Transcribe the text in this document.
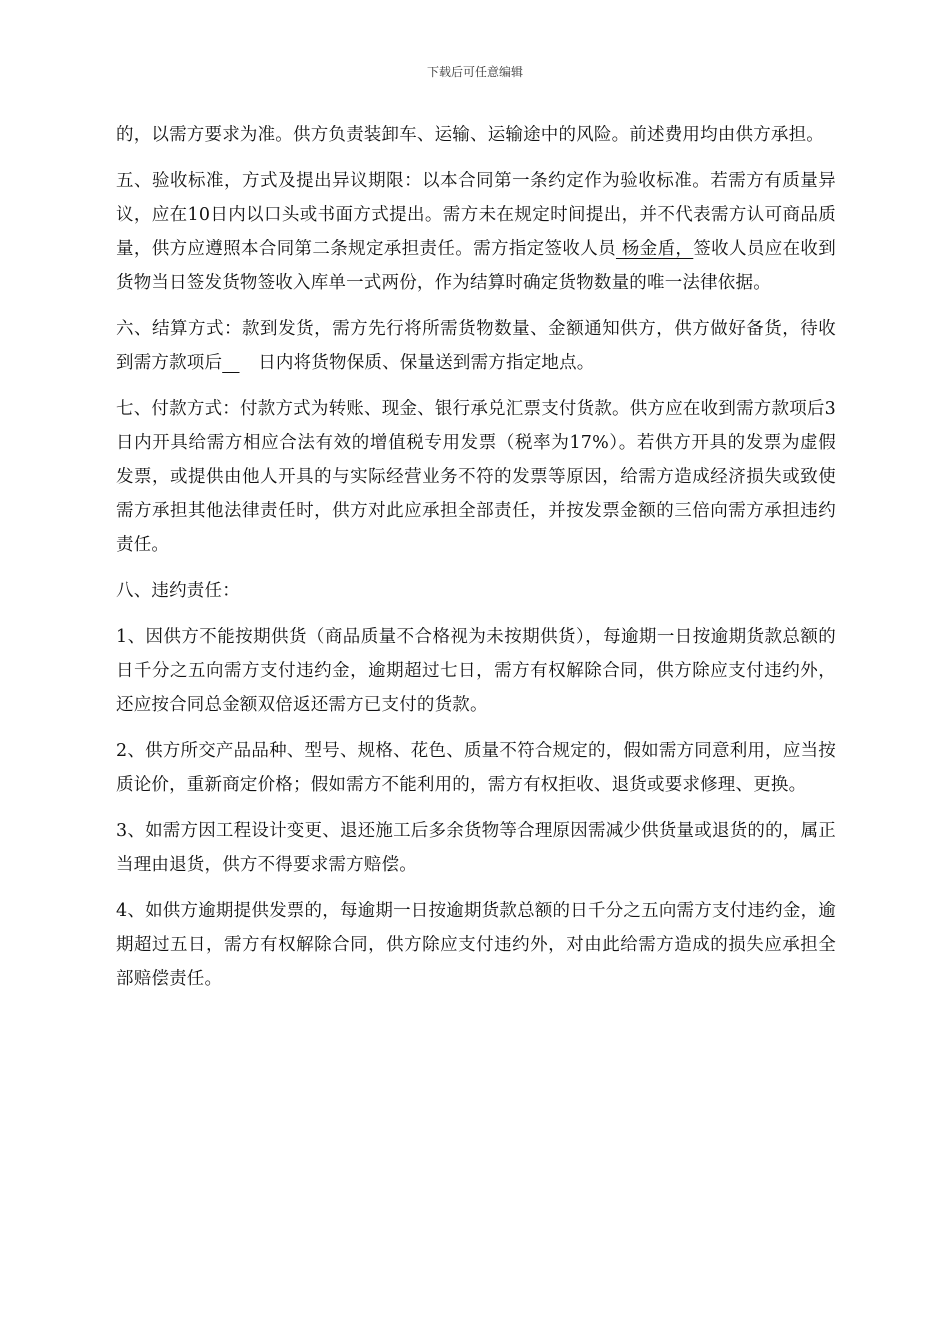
下载后可任意编辑

的，以需方要求为准。供方负责装卸车、运输、运输途中的风险。前述费用均由供方承担。

五、验收标准，方式及提出异议期限：以本合同第一条约定作为验收标准。若需方有质量异议，应在10日内以口头或书面方式提出。需方未在规定时间提出，并不代表需方认可商品质量，供方应遵照本合同第二条规定承担责任。需方指定签收人员 杨金盾，签收人员应在收到货物当日签发货物签收入库单一式两份，作为结算时确定货物数量的唯一法律依据。

六、结算方式：款到发货，需方先行将所需货物数量、金额通知供方，供方做好备货，待收到需方款项后 日内将货物保质、保量送到需方指定地点。

七、付款方式：付款方式为转账、现金、银行承兑汇票支付货款。供方应在收到需方款项后3日内开具给需方相应合法有效的增值税专用发票（税率为17%）。若供方开具的发票为虚假发票，或提供由他人开具的与实际经营业务不符的发票等原因，给需方造成经济损失或致使需方承担其他法律责任时，供方对此应承担全部责任，并按发票金额的三倍向需方承担违约责任。

八、违约责任：

1、因供方不能按期供货（商品质量不合格视为未按期供货），每逾期一日按逾期货款总额的日千分之五向需方支付违约金，逾期超过七日，需方有权解除合同，供方除应支付违约外，还应按合同总金额双倍返还需方已支付的货款。

2、供方所交产品品种、型号、规格、花色、质量不符合规定的，假如需方同意利用，应当按质论价，重新商定价格；假如需方不能利用的，需方有权拒收、退货或要求修理、更换。

3、如需方因工程设计变更、退还施工后多余货物等合理原因需减少供货量或退货的的，属正当理由退货，供方不得要求需方赔偿。

4、如供方逾期提供发票的，每逾期一日按逾期货款总额的日千分之五向需方支付违约金，逾期超过五日，需方有权解除合同，供方除应支付违约外，对由此给需方造成的损失应承担全部赔偿责任。
